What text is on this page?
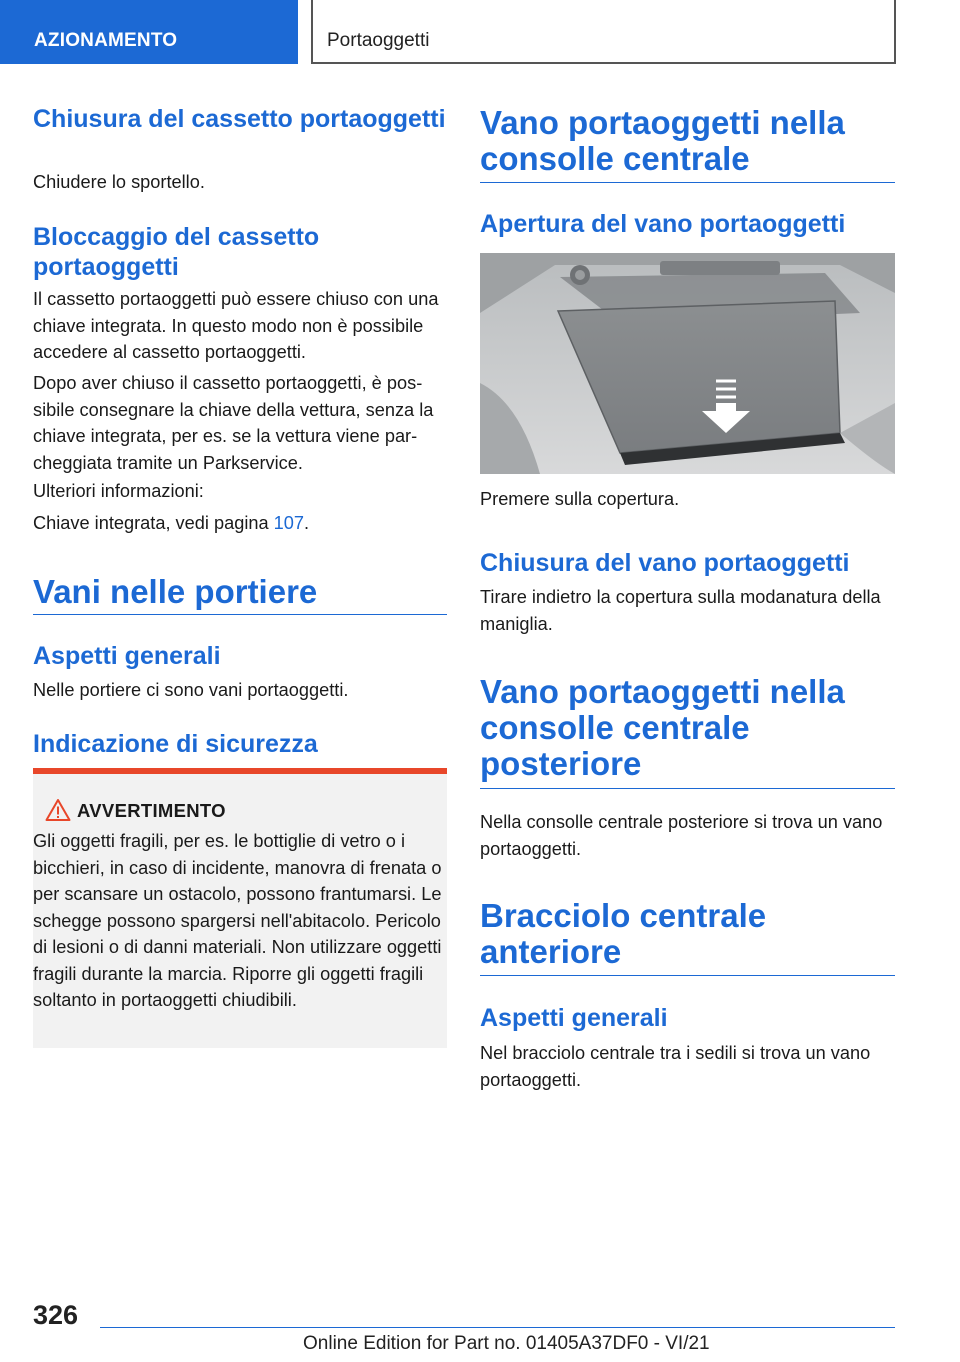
AZIONAMENTO	Portaoggetti
Chiusura del cassetto portaoggetti

Chiudere lo sportello.

Bloccaggio del cassetto portaoggetti

Il cassetto portaoggetti può essere chiuso con una chiave integrata. In questo modo non è possibile accedere al cassetto portaoggetti.

Dopo aver chiuso il cassetto portaoggetti, è possibile consegnare la chiave della vettura, senza la chiave integrata, per es. se la vettura viene parcheggiata tramite un Parkservice.

Ulteriori informazioni:

Chiave integrata, vedi pagina 107.

Vani nelle portiere
Aspetti generali

Nelle portiere ci sono vani portaoggetti.

Indicazione di sicurezza
AVVERTIMENTO

Gli oggetti fragili, per es. le bottiglie di vetro o i bicchieri, in caso di incidente, manovra di frenata o per scansare un ostacolo, possono frantumarsi. Le schegge possono spargersi nell'abitacolo. Pericolo di lesioni o di danni materiali. Non utilizzare oggetti fragili durante la marcia. Riporre gli oggetti fragili soltanto in portaoggetti chiudibili.

Vano portaoggetti nella consolle centrale
Apertura del vano portaoggetti

Premere sulla copertura.

Chiusura del vano portaoggetti

Tirare indietro la copertura sulla modanatura della maniglia.

Vano portaoggetti nella consolle centrale posteriore

Nella consolle centrale posteriore si trova un vano portaoggetti.

Bracciolo centrale anteriore
Aspetti generali

Nel bracciolo centrale tra i sedili si trova un vano portaoggetti.

326
Online Edition for Part no. 01405A37DF0 - VI/21
